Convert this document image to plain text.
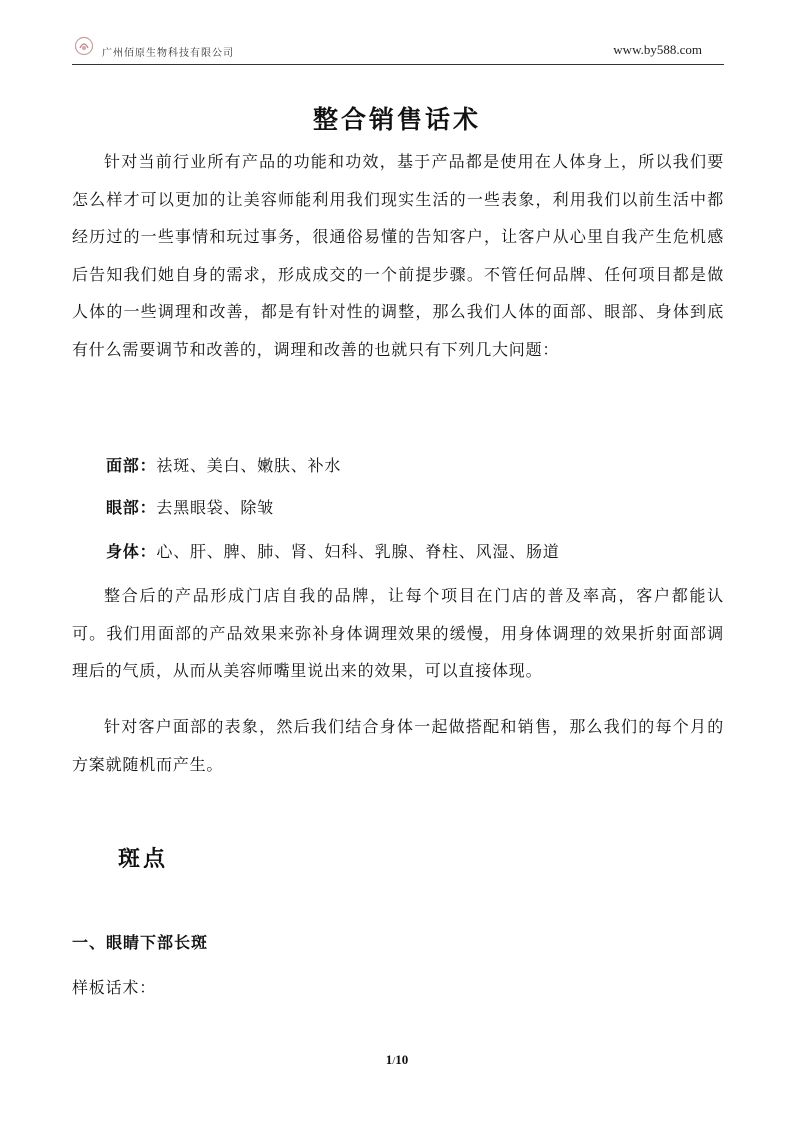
广州佰原生物科技有限公司	www.by588.com
整合销售话术

针对当前行业所有产品的功能和功效，基于产品都是使用在人体身上，所以我们要怎么样才可以更加的让美容师能利用我们现实生活的一些表象，利用我们以前生活中都经历过的一些事情和玩过事务，很通俗易懂的告知客户，让客户从心里自我产生危机感后告知我们她自身的需求，形成成交的一个前提步骤。不管任何品牌、任何项目都是做人体的一些调理和改善，都是有针对性的调整，那么我们人体的面部、眼部、身体到底有什么需要调节和改善的，调理和改善的也就只有下列几大问题：

面部：祛斑、美白、嫩肤、补水
眼部：去黑眼袋、除皱
身体：心、肝、脾、肺、肾、妇科、乳腺、脊柱、风湿、肠道

整合后的产品形成门店自我的品牌，让每个项目在门店的普及率高，客户都能认可。我们用面部的产品效果来弥补身体调理效果的缓慢，用身体调理的效果折射面部调理后的气质，从而从美容师嘴里说出来的效果，可以直接体现。

针对客户面部的表象，然后我们结合身体一起做搭配和销售，那么我们的每个月的方案就随机而产生。

斑点
一、眼睛下部长斑
样板话术：
1/10
